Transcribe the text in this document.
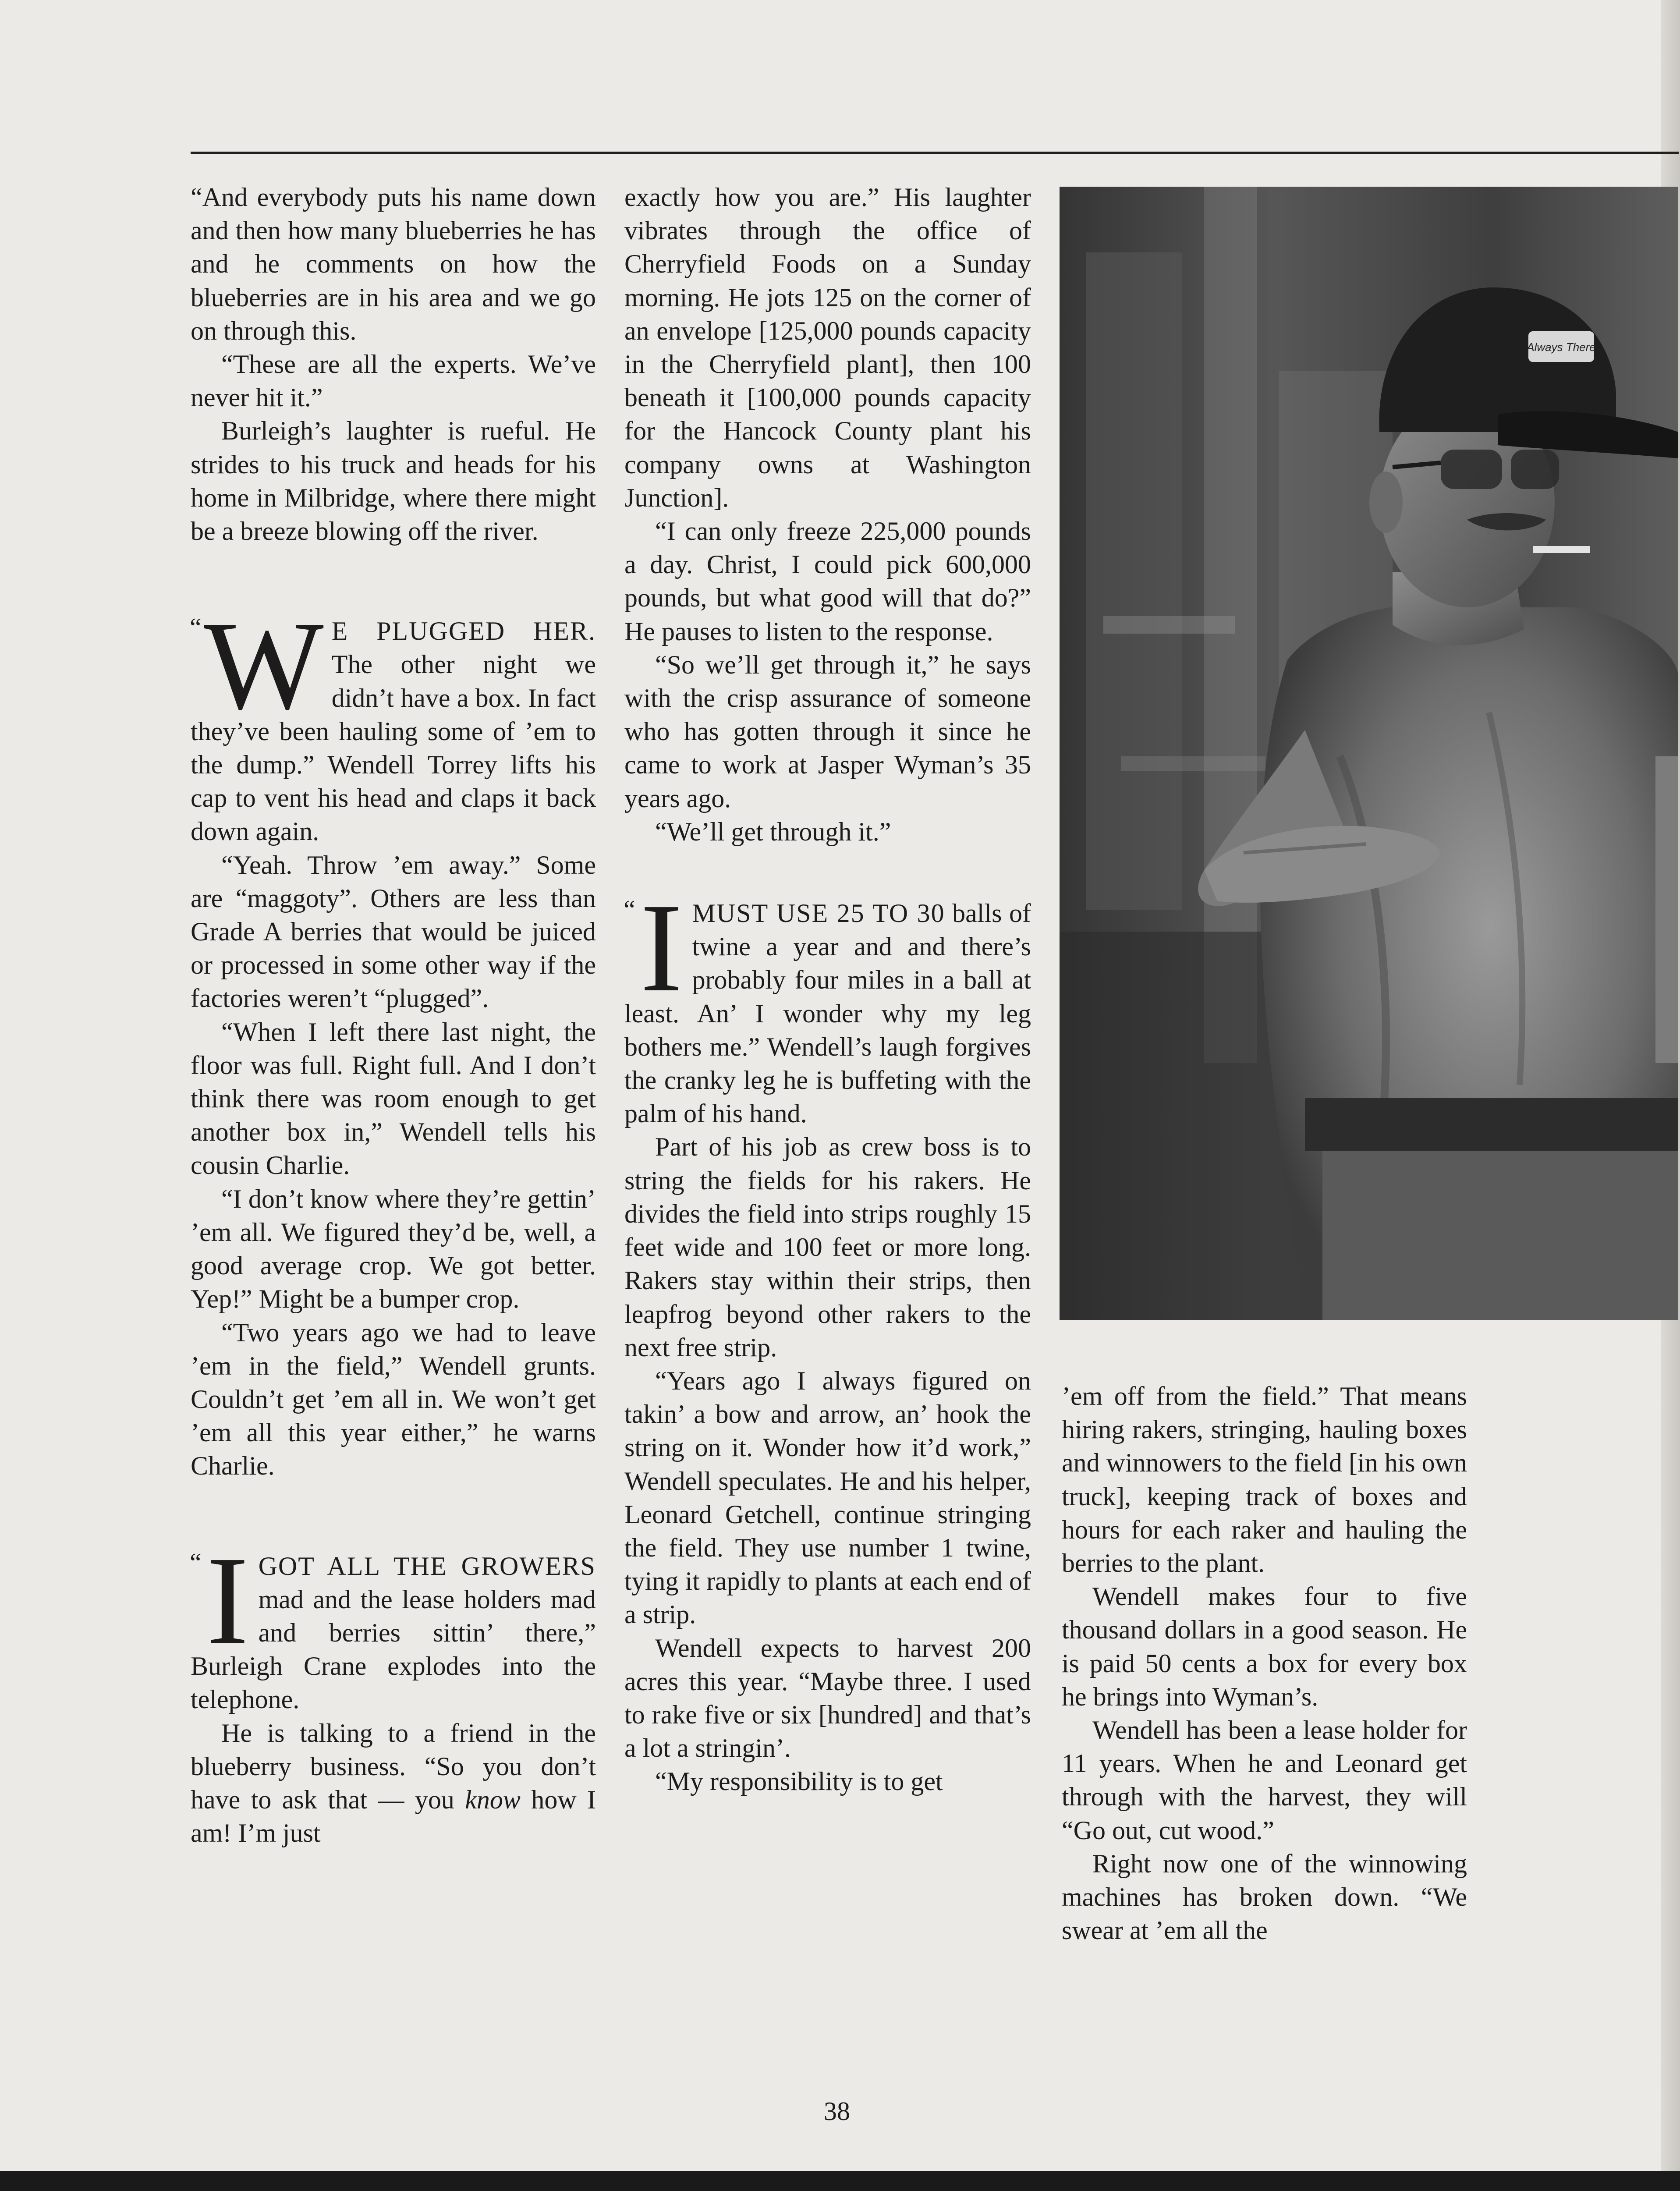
“And everybody puts his name down and then how many blueberries he has and he comments on how the blueberries are in his area and we go on through this.

“These are all the experts. We’ve never hit it.”

Burleigh’s laughter is rueful. He strides to his truck and heads for his home in Milbridge, where there might be a breeze blowing off the river.

“ W E PLUGGED HER. The other night we didn’t have a box. In fact they’ve been hauling some of ’em to the dump.” Wendell Torrey lifts his cap to vent his head and claps it back down again.

“Yeah. Throw ’em away.” Some are “maggoty”. Others are less than Grade A berries that would be juiced or processed in some other way if the factories weren’t “plugged”.

“When I left there last night, the floor was full. Right full. And I don’t think there was room enough to get another box in,” Wendell tells his cousin Charlie.

“I don’t know where they’re gettin’ ’em all. We figured they’d be, well, a good average crop. We got better. Yep!” Might be a bumper crop.

“Two years ago we had to leave ’em in the field,” Wendell grunts. Couldn’t get ’em all in. We won’t get ’em all this year either,” he warns Charlie.

“ I GOT ALL THE GROWERS mad and the lease holders mad and berries sittin’ there,” Burleigh Crane explodes into the telephone.

He is talking to a friend in the blueberry business. “So you don’t have to ask that — you know how I am! I’m just

exactly how you are.” His laughter vibrates through the office of Cherryfield Foods on a Sunday morning. He jots 125 on the corner of an envelope [125,000 pounds capacity in the Cherryfield plant], then 100 beneath it [100,000 pounds capacity for the Hancock County plant his company owns at Washington Junction].

“I can only freeze 225,000 pounds a day. Christ, I could pick 600,000 pounds, but what good will that do?” He pauses to listen to the response.

“So we’ll get through it,” he says with the crisp assurance of someone who has gotten through it since he came to work at Jasper Wyman’s 35 years ago.

“We’ll get through it.”

“ I MUST USE 25 TO 30 balls of twine a year and and there’s probably four miles in a ball at least. An’ I wonder why my leg bothers me.” Wendell’s laugh forgives the cranky leg he is buffeting with the palm of his hand.

Part of his job as crew boss is to string the fields for his rakers. He divides the field into strips roughly 15 feet wide and 100 feet or more long. Rakers stay within their strips, then leapfrog beyond other rakers to the next free strip.

“Years ago I always figured on takin’ a bow and arrow, an’ hook the string on it. Wonder how it’d work,” Wendell speculates. He and his helper, Leonard Getchell, continue stringing the field. They use number 1 twine, tying it rapidly to plants at each end of a strip.

Wendell expects to harvest 200 acres this year. “Maybe three. I used to rake five or six [hundred] and that’s a lot a stringin’.

“My responsibility is to get

Always There

’em off from the field.” That means hiring rakers, stringing, hauling boxes and winnowers to the field [in his own truck], keeping track of boxes and hours for each raker and hauling the berries to the plant.

Wendell makes four to five thousand dollars in a good season. He is paid 50 cents a box for every box he brings into Wyman’s.

Wendell has been a lease holder for 11 years. When he and Leonard get through with the harvest, they will “Go out, cut wood.”

Right now one of the winnowing machines has broken down. “We swear at ’em all the

38
